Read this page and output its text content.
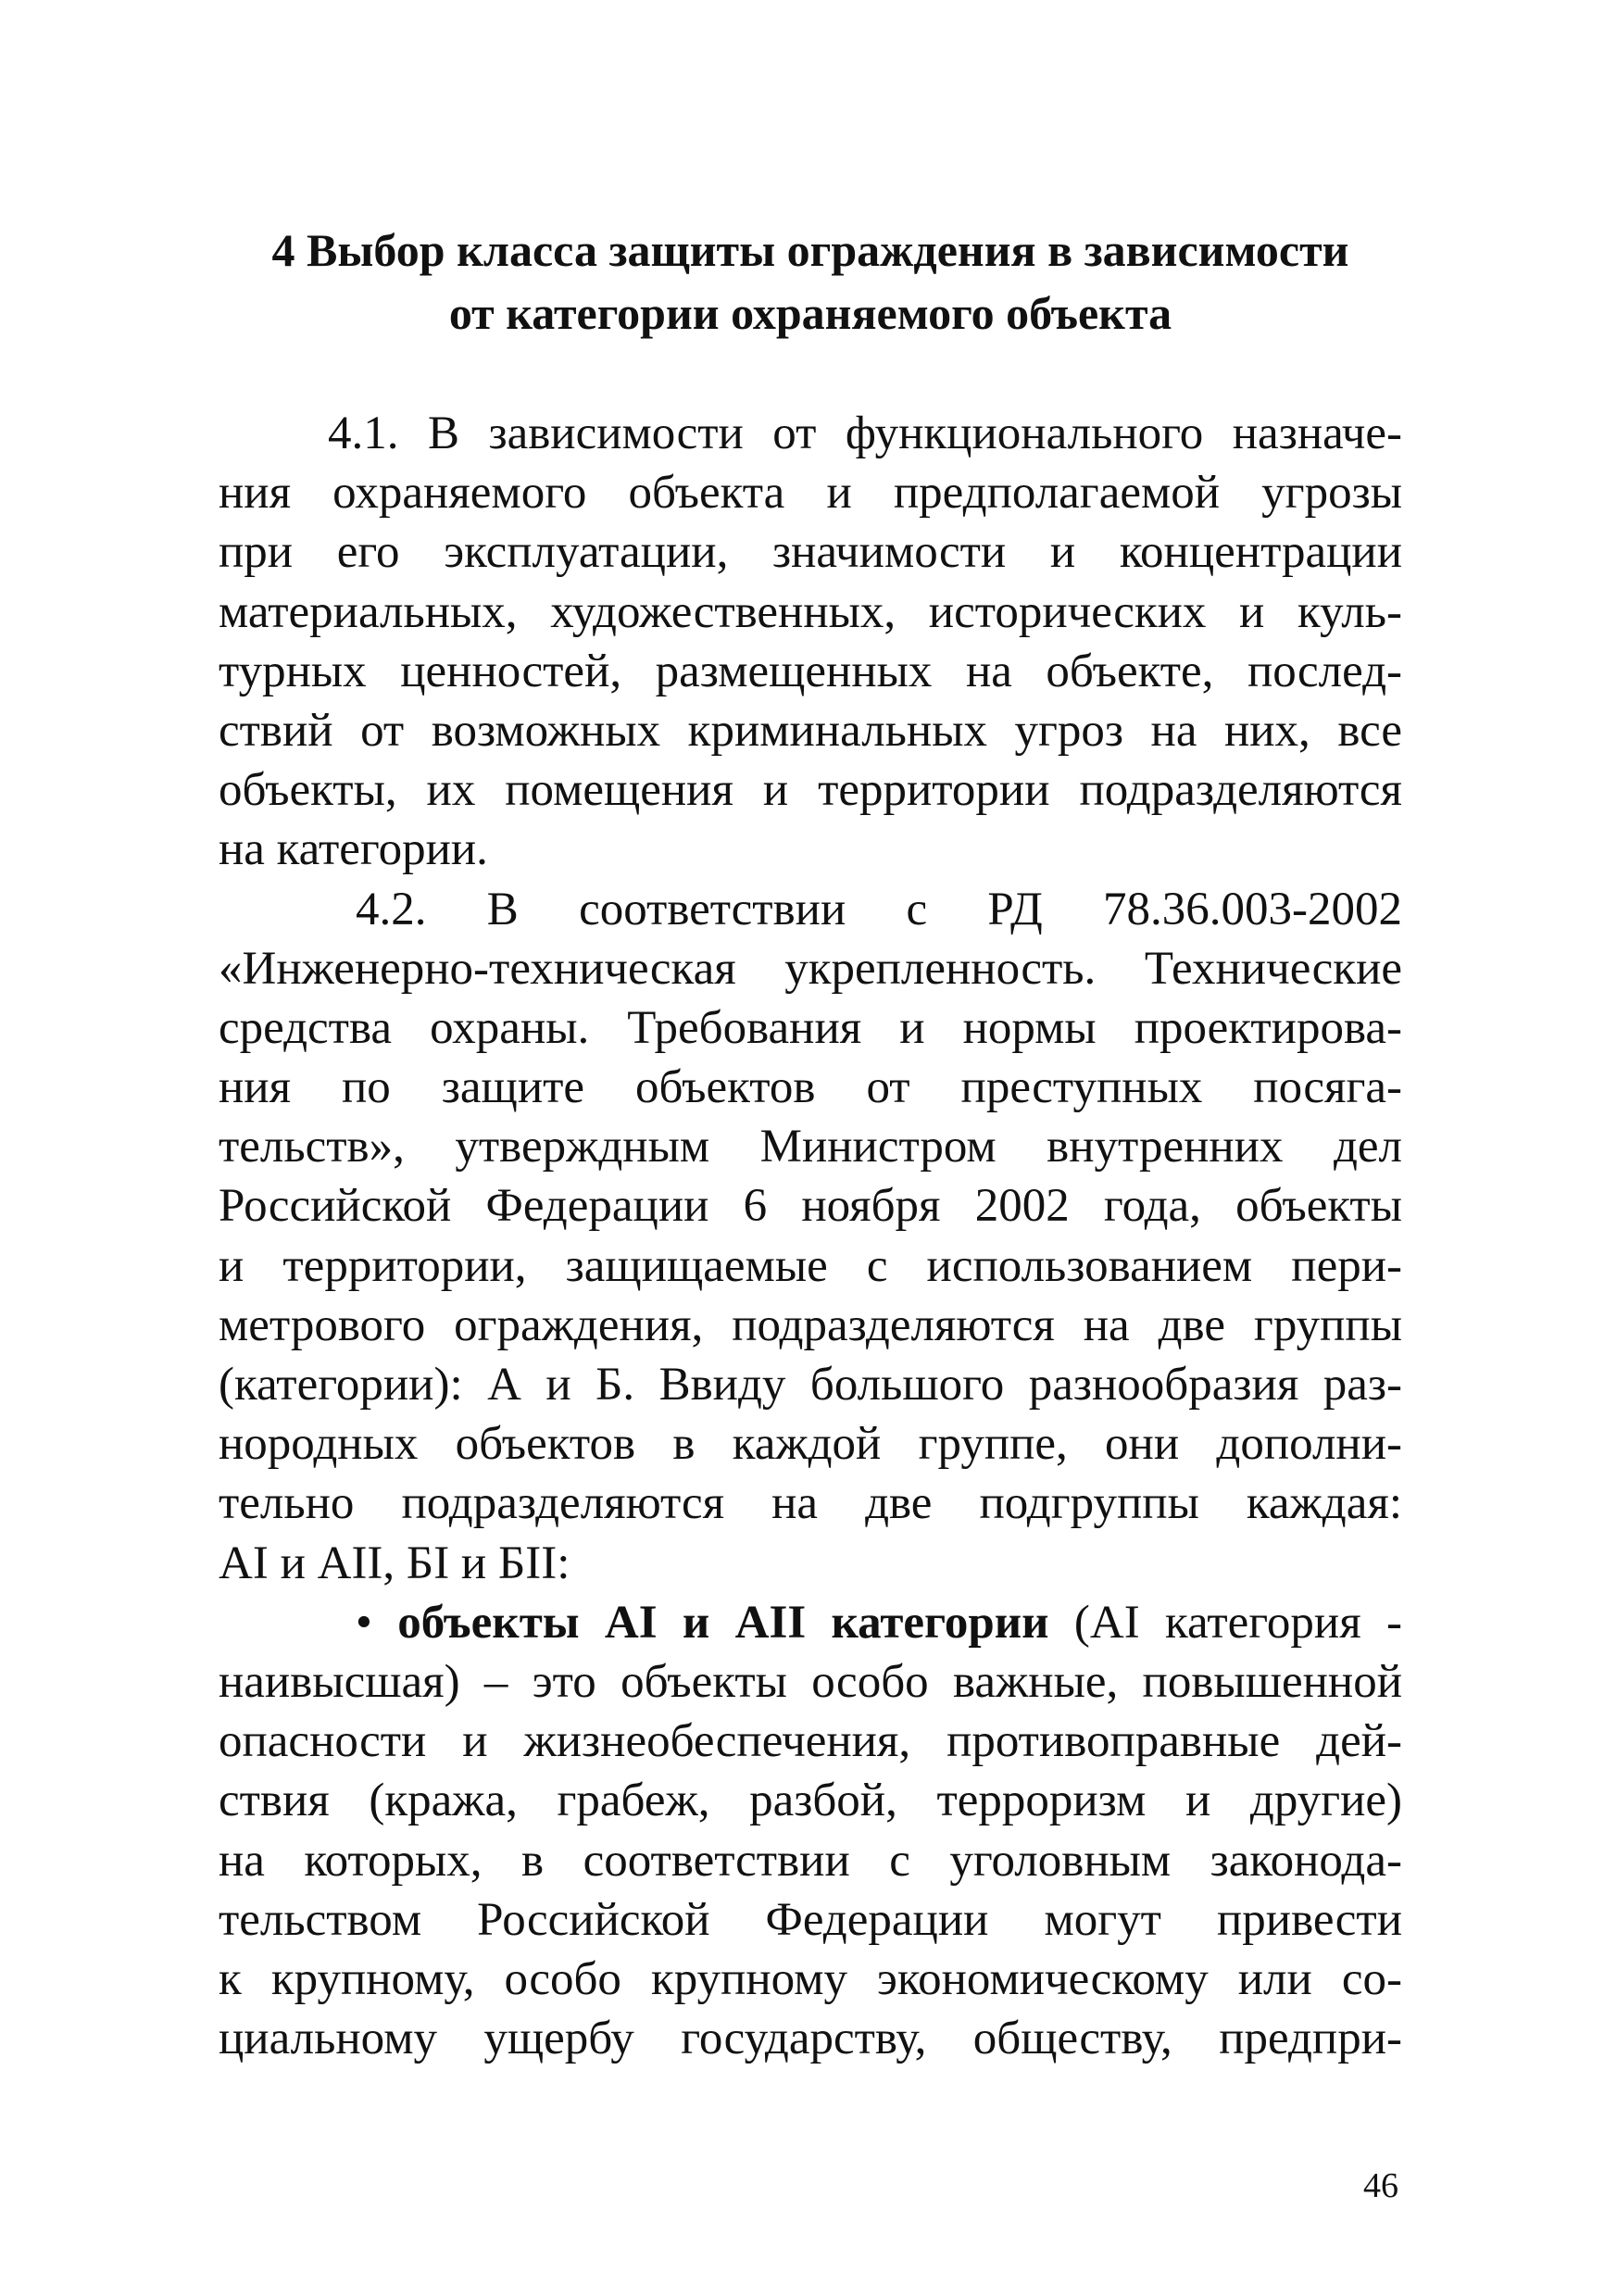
4 Выбор класса защиты ограждения в зависимости
от категории охраняемого объекта
4.1. В зависимости от функционального назначе-
ния охраняемого объекта и предполагаемой угрозы
при его эксплуатации, значимости и концентрации
материальных, художественных, исторических и куль-
турных ценностей, размещенных на объекте, послед-
ствий от возможных криминальных угроз на них, все
объекты, их помещения и территории подразделяются
на категории.
4.2. В соответствии с РД 78.36.003-2002
«Инженерно-техническая укрепленность. Технические
средства охраны. Требования и нормы проектирова-
ния по защите объектов от преступных посяга-
тельств», утверждным Министром внутренних дел
Российской Федерации 6 ноября 2002 года, объекты
и территории, защищаемые с использованием пери-
метрового ограждения, подразделяются на две группы
(категории): А и Б. Ввиду большого разнообразия раз-
нородных объектов в каждой группе, они дополни-
тельно подразделяются на две подгруппы каждая:
АI и АII, БI и БII:
• объекты АI и АII категории (АI категория -
наивысшая) – это объекты особо важные, повышенной
опасности и жизнеобеспечения, противоправные дей-
ствия (кража, грабеж, разбой, терроризм и другие)
на которых, в соответствии с уголовным законода-
тельством Российской Федерации могут привести
к крупному, особо крупному экономическому или со-
циальному ущербу государству, обществу, предпри-
46
